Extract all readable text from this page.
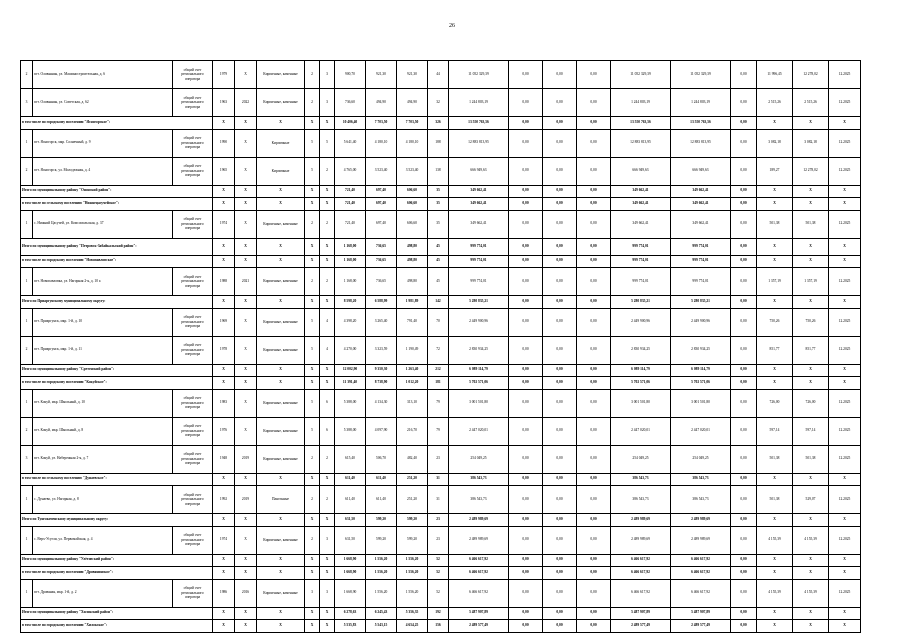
26
2	пгт. Оловянная, ул. Машиностроительная, д. 6	общий счет регионального оператора	1979	Х	Кирпичные, каменные	2	3	900,70	921,30	921,30	44	11 052 329,39	0,00	0,00	0,00	11 052 329,39	11 052 329,39	0,00	11 996,45	12 278,02	12.2025
3	пгт. Оловянная, ул. Советская, д. 62	общий счет регионального оператора	1963	2022	Кирпичные, каменные	2	3	736,60	494,90	494,90	32	1 244 803,19	0,00	0,00	0,00	1 244 803,19	1 244 803,19	0,00	2 515,26	2 515,26	12.2025
в том числе по городскому поселению "Ясногорское":			Х	Х	Х	Х	Х	10 406,40	7 703,50	7 703,50	326	13 550 763,56	0,00	0,00	0,00	13 550 763,56	13 550 763,56	0,00	Х	Х	Х
1	пгт. Ясногорск, мкр. Солнечный, д. 9	общий счет регионального оператора	1990	Х	Кирпичные	5	5	5 641,40	4 180,10	4 180,10	188	12 883 813,95	0,00	0,00	0,00	12 883 813,95	12 883 813,95	0,00	3 082,18	3 082,18	12.2025
2	пгт. Ясногорск, ул. Молодежная, д. 4	общий счет регионального оператора	1965	Х	Кирпичные	5	2	4 765,00	3 523,40	3 523,40	138	666 949,63	0,00	0,00	0,00	666 949,63	666 949,63	0,00	189,27	12 278,02	12.2025
Итого по муниципальному району "Ононский район":			Х	Х	Х	Х	Х	721,40	697,40	606,60	35	349 662,41	0,00	0,00	0,00	349 662,41	349 662,41	0,00	Х	Х	Х
в том числе по сельскому поселению "Нижнецасучейское":			Х	Х	Х	Х	Х	721,40	697,40	606,60	35	349 662,41	0,00	0,00	0,00	349 662,41	349 662,41	0,00	Х	Х	Х
1	с. Нижний Цасучей, ул. Комсомольская, д. 37	общий счет регионального оператора	1974	Х	Кирпичные, каменные	2	2	721,40	697,40	606,60	35	349 662,41	0,00	0,00	0,00	349 662,41	349 662,41	0,00	501,38	501,38	12.2025
Итого по муниципальному району "Петровск-Забайкальский район":			Х	Х	Х	Х	Х	1 168,00	736,65	498,80	45	999 774,01	0,00	0,00	0,00	999 774,01	999 774,01	0,00	Х	Х	Х
в том числе по городскому поселению "Новопавловское":			Х	Х	Х	Х	Х	1 168,00	736,65	498,80	45	999 774,01	0,00	0,00	0,00	999 774,01	999 774,01	0,00	Х	Х	Х
1	пгт. Новопавловка, ул. Нагорная 2-я, д. 10 а	общий счет регионального оператора	1988	2021	Кирпичные, каменные	2	2	1 168,00	736,65	498,80	45	999 774,01	0,00	0,00	0,00	999 774,01	999 774,01	0,00	1 357,19	1 357,19	12.2025
Итого по Приаргунскому муниципальному округу:			Х	Х	Х	Х	Х	8 598,20	6 588,99	1 981,89	142	5 280 835,21	0,00	0,00	0,00	5 280 835,21	5 280 835,21	0,00	Х	Х	Х
1	пгт. Приаргунск, мкр. 1-й, д. 10	общий счет регионального оператора	1969	Х	Кирпичные, каменные	5	4	4 398,20	3 265,40	791,40	70	2 449 900,96	0,00	0,00	0,00	2 449 900,96	2 449 900,96	0,00	750,26	750,26	12.2025
2	пгт. Приаргунск, мкр. 1-й, д. 11	общий счет регионального оператора	1978	Х	Кирпичные, каменные	5	4	4 270,00	3 323,59	1 190,49	72	2 830 934,25	0,00	0,00	0,00	2 830 934,25	2 830 934,25	0,00	851,77	851,77	12.2025
Итого по муниципальному району "Сретенский район":			Х	Х	Х	Х	Х	12 002,90	9 350,30	1 263,40	212	6 089 114,79	0,00	0,00	0,00	6 089 114,79	6 089 114,79	0,00	Х	Х	Х
в том числе по городскому поселению "Кокуйское":			Х	Х	Х	Х	Х	11 391,40	8 738,90	1 012,20	181	5 702 571,06	0,00	0,00	0,00	5 702 571,06	5 702 571,06	0,00	Х	Х	Х
1	пгт. Кокуй, мкр. Школьный, д. 10	общий счет регионального оператора	1983	Х	Кирпичные, каменные	5	6	5 388,00	4 134,30	313,10	79	3 001 501,80	0,00	0,00	0,00	3 001 501,80	3 001 501,80	0,00	726,00	726,00	12.2025
2	пгт. Кокуй, мкр. Школьный, д. 8	общий счет регионального оператора	1976	Х	Кирпичные, каменные	5	6	5 388,00	4 097,90	216,70	79	2 447 020,01	0,00	0,00	0,00	2 447 020,01	2 447 020,01	0,00	597,14	597,14	12.2025
3	пгт. Кокуй, ул. Набережная 2-я, д. 7	общий счет регионального оператора	1948	2019	Кирпичные, каменные	2	2	615,40	506,70	482,40	23	254 049,25	0,00	0,00	0,00	254 049,25	254 049,25	0,00	501,38	501,38	12.2025
в том числе по сельскому поселению "Дунаевское":			Х	Х	Х	Х	Х	611,40	611,40	251,20	31	386 543,73	0,00	0,00	0,00	386 543,73	386 543,73	0,00	Х	Х	Х
1	с. Дунаево, ул. Нагорная, д. 8	общий счет регионального оператора	1992	2019	Панельные	2	2	611,40	611,40	251,20	31	386 543,73	0,00	0,00	0,00	386 543,73	386 543,73	0,00	501,38	529,07	12.2025
Итого по Тунгокоченскому муниципальному округу:			Х	Х	Х	Х	Х	631,50	599,20	599,20	23	2 489 989,69	0,00	0,00	0,00	2 489 989,69	2 489 989,69	0,00	Х	Х	Х
1	с. Верх-Усугли, ул. Первомайская, д. 4	общий счет регионального оператора	1974	Х	Кирпичные, каменные	2	3	631,50	599,20	599,20	23	2 489 989,69	0,00	0,00	0,00	2 489 989,69	2 489 989,69	0,00	4 155,39	4 155,39	12.2025
Итого по муниципальному району "Улётовский район":			Х	Х	Х	Х	Х	1 668,90	1 556,20	1 556,20	52	6 466 617,92	0,00	0,00	0,00	6 466 617,92	6 466 617,92	0,00	Х	Х	Х
в том числе по городскому поселению "Дровянинское":			Х	Х	Х	Х	Х	1 668,90	1 556,20	1 556,20	52	6 466 617,92	0,00	0,00	0,00	6 466 617,92	6 466 617,92	0,00	Х	Х	Х
1	пгт. Дровяная, мкр. 1-й, д. 2	общий счет регионального оператора	1986	2016	Кирпичные, каменные	3	3	1 668,90	1 556,20	1 556,20	52	6 466 617,92	0,00	0,00	0,00	6 466 617,92	6 466 617,92	0,00	4 155,39	4 155,39	12.2025
Итого по муниципальному району "Хилокский район":			Х	Х	Х	Х	Х	6 278,63	6 245,43	5 356,35	192	5 487 907,89	0,00	0,00	0,00	5 487 907,89	5 487 907,89	0,00	Х	Х	Х
в том числе по городскому поселению "Хилокское":			Х	Х	Х	Х	Х	5 535,83	5 543,15	4 654,25	156	2 489 577,49	0,00	0,00	0,00	2 489 577,49	2 489 577,49	0,00	Х	Х	Х
